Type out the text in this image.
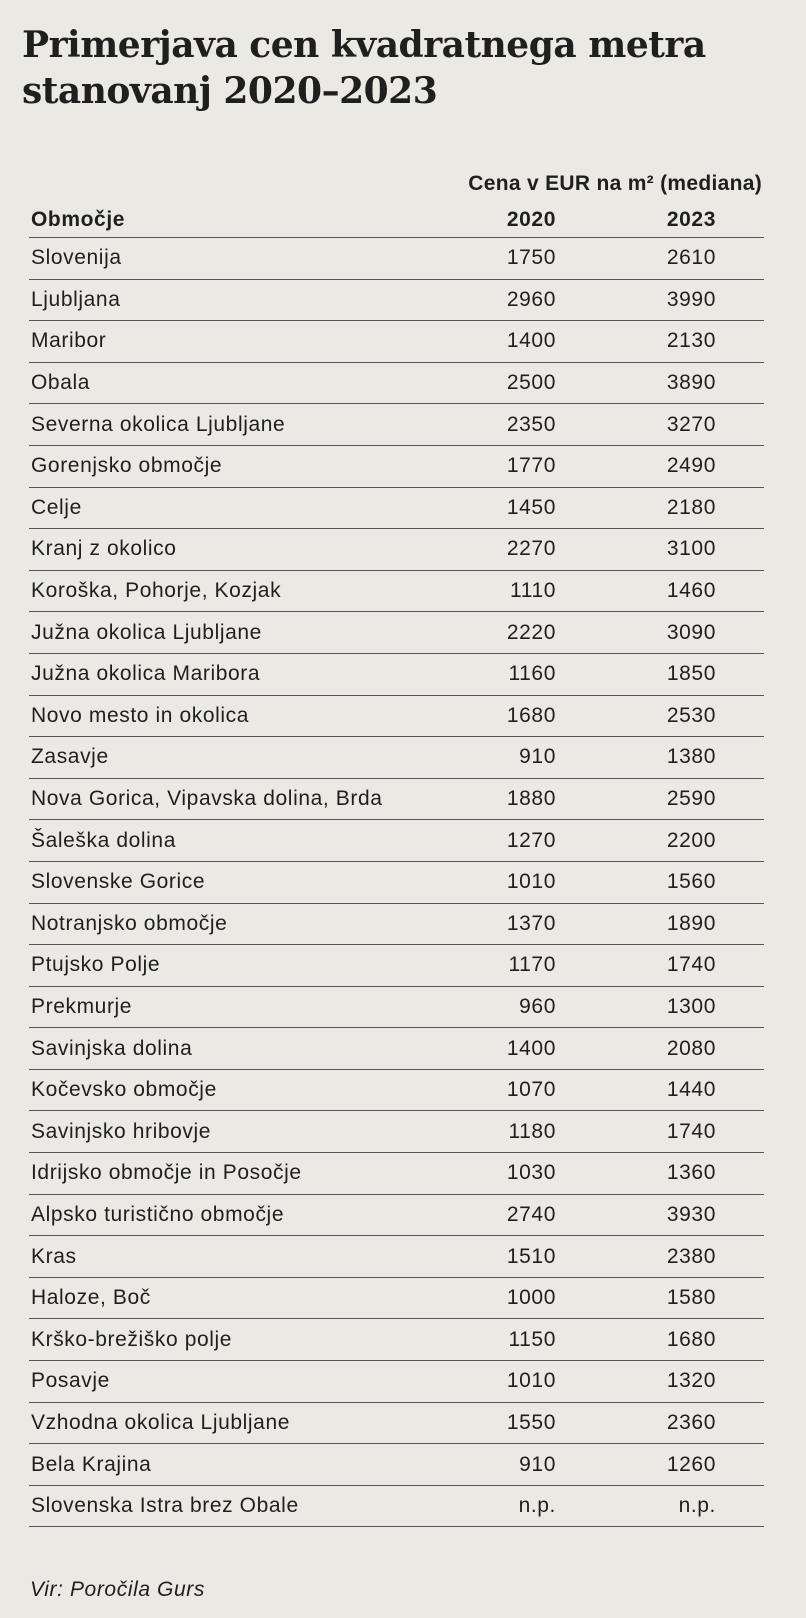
Primerjava cen kvadratnega metra stanovanj 2020–2023
Cena v EUR na m² (mediana)
Območje	2020	2023
Slovenija	1750	2610
Ljubljana	2960	3990
Maribor	1400	2130
Obala	2500	3890
Severna okolica Ljubljane	2350	3270
Gorenjsko območje	1770	2490
Celje	1450	2180
Kranj z okolico	2270	3100
Koroška, Pohorje, Kozjak	1110	1460
Južna okolica Ljubljane	2220	3090
Južna okolica Maribora	1160	1850
Novo mesto in okolica	1680	2530
Zasavje	910	1380
Nova Gorica, Vipavska dolina, Brda	1880	2590
Šaleška dolina	1270	2200
Slovenske Gorice	1010	1560
Notranjsko območje	1370	1890
Ptujsko Polje	1170	1740
Prekmurje	960	1300
Savinjska dolina	1400	2080
Kočevsko območje	1070	1440
Savinjsko hribovje	1180	1740
Idrijsko območje in Posočje	1030	1360
Alpsko turistično območje	2740	3930
Kras	1510	2380
Haloze, Boč	1000	1580
Krško-brežiško polje	1150	1680
Posavje	1010	1320
Vzhodna okolica Ljubljane	1550	2360
Bela Krajina	910	1260
Slovenska Istra brez Obale	n.p.	n.p.
Vir: Poročila Gurs
